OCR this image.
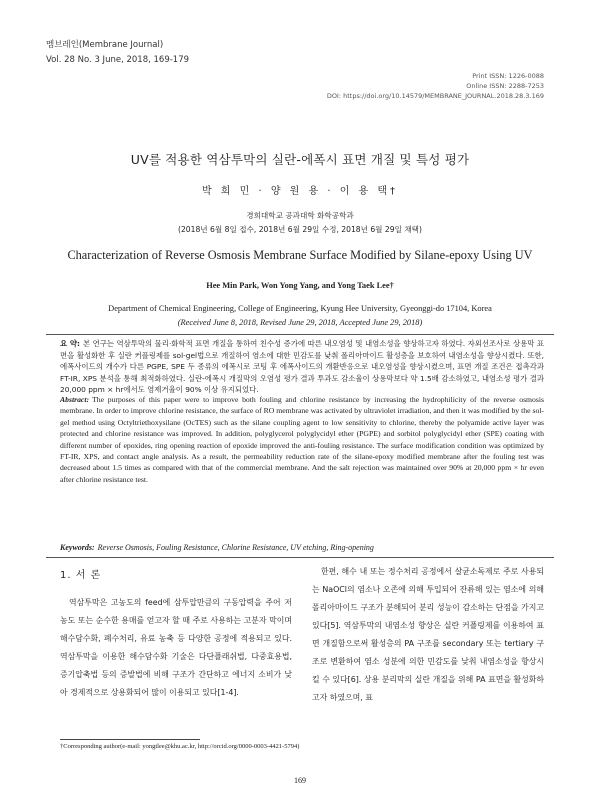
멤브레인(Membrane Journal)
Vol. 28 No. 3 June, 2018, 169-179
Print ISSN: 1226-0088
Online ISSN: 2288-7253
DOI: https://doi.org/10.14579/MEMBRANE_JOURNAL.2018.28.3.169
UV를 적용한 역삼투막의 실란-에폭시 표면 개질 및 특성 평가
박 희 민 · 양 원 용 · 이 용 택†
경희대학교 공과대학 화학공학과
(2018년 6월 8일 접수, 2018년 6월 29일 수정, 2018년 6월 29일 채택)
Characterization of Reverse Osmosis Membrane Surface Modified by Silane-epoxy Using UV
Hee Min Park, Won Yong Yang, and Yong Taek Lee†
Department of Chemical Engineering, College of Engineering, Kyung Hee University, Gyeonggi-do 17104, Korea
(Received June 8, 2018, Revised June 29, 2018, Accepted June 29, 2018)
요 약: 본 연구는 역삼투막의 물리·화학적 표면 개질을 통하여 친수성 증가에 따른 내오염성 및 내염소성을 향상하고자 하였다. 자외선조사로 상용막 표면을 활성화한 후 실란 커플링제를 sol-gel법으로 개질하여 염소에 대한 민감도를 낮춰 폴리아마이드 활성층을 보호하여 내염소성을 향상시켰다. 또한, 에폭사이드의 개수가 다른 PGPE, SPE 두 종류의 에폭시로 코팅 후 에폭사이드의 개환반응으로 내오염성을 향상시켰으며, 표면 개질 조건은 접촉각과 FT-IR, XPS 분석을 통해 최적화하였다. 실란-에폭시 개질막의 오염성 평가 결과 투과도 감소율이 상용막보다 약 1.5배 감소하였고, 내염소성 평가 결과 20,000 ppm × hr에서도 염제거율이 90% 이상 유지되었다.
Abstract: The purposes of this paper were to improve both fouling and chlorine resistance by increasing the hydrophilicity of the reverse osmosis membrane. In order to improve chlorine resistance, the surface of RO membrane was activated by ultraviolet irradiation, and then it was modified by the sol-gel method using Octyltriethoxysilane (OcTES) such as the silane coupling agent to low sensitivity to chlorine, thereby the polyamide active layer was protected and chlorine resistance was improved. In addition, polyglycerol polyglycidyl ether (PGPE) and sorbitol polyglycidyl ether (SPE) coating with different number of epoxides, ring opening reaction of epoxide improved the anti-fouling resistance. The surface modification condition was optimized by FT-IR, XPS, and contact angle analysis. As a result, the permeability reduction rate of the silane-epoxy modified membrane after the fouling test was decreased about 1.5 times as compared with that of the commercial membrane. And the salt rejection was maintained over 90% at 20,000 ppm × hr even after chlorine resistance test.
Keywords: Reverse Osmosis, Fouling Resistance, Chlorine Resistance, UV etching, Ring-opening
1. 서 론

역삼투막은 고농도의 feed에 삼투압만큼의 구동압력을 주어 저농도 또는 순수한 용매를 얻고자 할 때 주로 사용하는 고분자 막이며 해수담수화, 폐수처리, 유료 농축 등 다양한 공정에 적용되고 있다. 역삼투막을 이용한 해수담수화 기술은 다단플래쉬법, 다중효용법, 증기압축법 등의 증발법에 비해 구조가 간단하고 에너지 소비가 낮아 경제적으로 상용화되어 많이 이용되고 있다[1-4].

한편, 해수 내 또는 정수처리 공정에서 살균소독제로 주로 사용되는 NaOCl의 염소나 오존에 의해 투입되어 잔류해 있는 염소에 의해 폴리아마이드 구조가 분해되어 분리 성능이 감소하는 단점을 가지고 있다[5]. 역삼투막의 내염소성 향상은 실란 커플링제를 이용하여 표면 개질함으로써 활성층의 PA 구조를 secondary 또는 tertiary 구조로 변환하여 염소 성분에 의한 민감도를 낮춰 내염소성을 향상시킬 수 있다[6]. 상용 분리막의 실란 개질을 위해 PA 표면을 활성화하고자 하였으며, 표

†Corresponding author(e-mail: yongtlee@khu.ac.kr, http://orcid.org/0000-0003-4421-5794)
169
